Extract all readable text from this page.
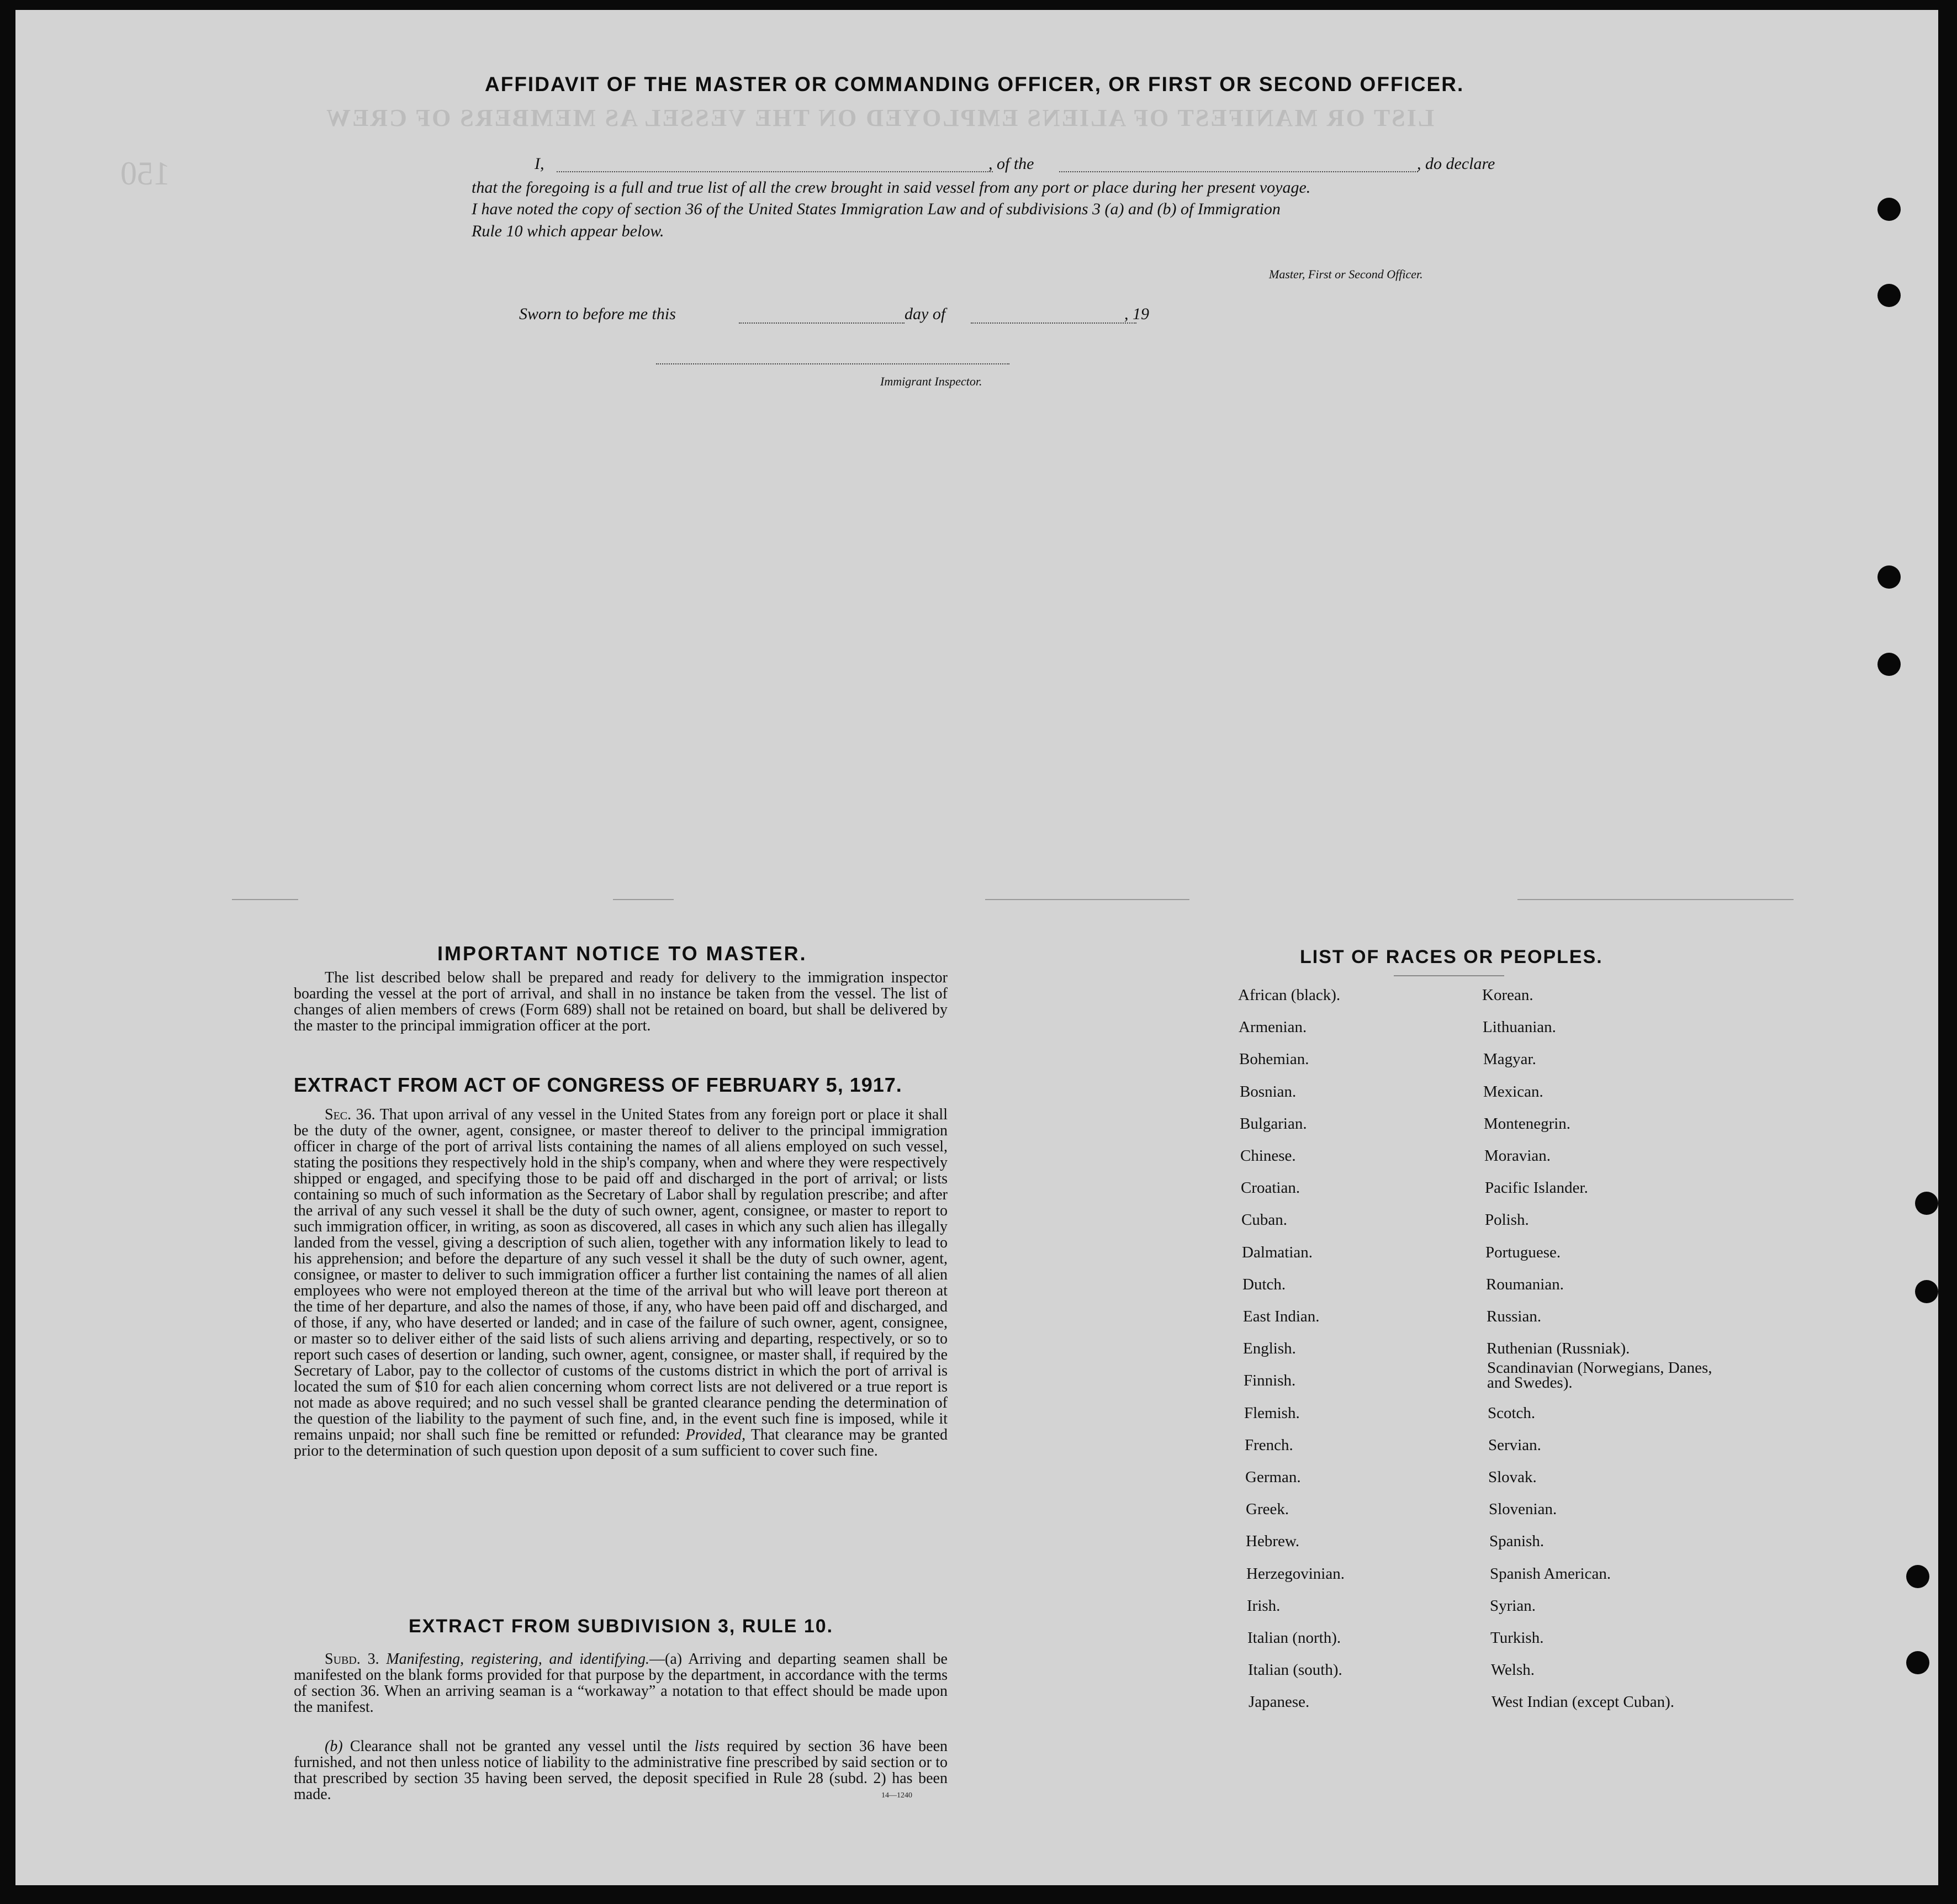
LIST OR MANIFEST OF ALIENS EMPLOYED ON THE VESSEL AS MEMBERS OF CREW
150
AFFIDAVIT OF THE MASTER OR COMMANDING OFFICER, OR FIRST OR SECOND OFFICER.
I,	, of the	, do declare
that the foregoing is a full and true list of all the crew brought in said vessel from any port or place during her present voyage.
I have noted the copy of section 36 of the United States Immigration Law and of subdivisions 3 (a) and (b) of Immigration
Rule 10 which appear below.
Master, First or Second Officer.
Sworn to before me this	day of	, 19
Immigrant Inspector.
IMPORTANT NOTICE TO MASTER.
The list described below shall be prepared and ready for delivery to the immigration inspector boarding the vessel at the port of arrival, and shall in no instance be taken from the vessel. The list of changes of alien members of crews (Form 689) shall not be retained on board, but shall be delivered by the master to the principal immigration officer at the port.
EXTRACT FROM ACT OF CONGRESS OF FEBRUARY 5, 1917.
Sec. 36. That upon arrival of any vessel in the United States from any foreign port or place it shall be the duty of the owner, agent, consignee, or master thereof to deliver to the principal immigration officer in charge of the port of arrival lists containing the names of all aliens employed on such vessel, stating the positions they respectively hold in the ship's company, when and where they were respectively shipped or engaged, and specifying those to be paid off and discharged in the port of arrival; or lists containing so much of such information as the Secretary of Labor shall by regulation prescribe; and after the arrival of any such vessel it shall be the duty of such owner, agent, consignee, or master to report to such immigration officer, in writing, as soon as discovered, all cases in which any such alien has illegally landed from the vessel, giving a description of such alien, together with any information likely to lead to his apprehension; and before the departure of any such vessel it shall be the duty of such owner, agent, consignee, or master to deliver to such immigration officer a further list containing the names of all alien employees who were not employed thereon at the time of the arrival but who will leave port thereon at the time of her departure, and also the names of those, if any, who have been paid off and discharged, and of those, if any, who have deserted or landed; and in case of the failure of such owner, agent, consignee, or master so to deliver either of the said lists of such aliens arriving and departing, respectively, or so to report such cases of desertion or landing, such owner, agent, consignee, or master shall, if required by the Secretary of Labor, pay to the collector of customs of the customs district in which the port of arrival is located the sum of $10 for each alien concerning whom correct lists are not delivered or a true report is not made as above required; and no such vessel shall be granted clearance pending the determination of the question of the liability to the payment of such fine, and, in the event such fine is imposed, while it remains unpaid; nor shall such fine be remitted or refunded: Provided, That clearance may be granted prior to the determination of such question upon deposit of a sum sufficient to cover such fine.
EXTRACT FROM SUBDIVISION 3, RULE 10.
Subd. 3. Manifesting, registering, and identifying.—(a) Arriving and departing seamen shall be manifested on the blank forms provided for that purpose by the department, in accordance with the terms of section 36. When an arriving seaman is a “workaway” a notation to that effect should be made upon the manifest.
(b) Clearance shall not be granted any vessel until the lists required by section 36 have been furnished, and not then unless notice of liability to the administrative fine prescribed by said section or to that prescribed by section 35 having been served, the deposit specified in Rule 28 (subd. 2) has been made.	14—1240
LIST OF RACES OR PEOPLES.
African (black).
Armenian.
Bohemian.
Bosnian.
Bulgarian.
Chinese.
Croatian.
Cuban.
Dalmatian.
Dutch.
East Indian.
English.
Finnish.
Flemish.
French.
German.
Greek.
Hebrew.
Herzegovinian.
Irish.
Italian (north).
Italian (south).
Japanese.
Korean.
Lithuanian.
Magyar.
Mexican.
Montenegrin.
Moravian.
Pacific Islander.
Polish.
Portuguese.
Roumanian.
Russian.
Ruthenian (Russniak).
Scandinavian (Norwegians, Danes, and Swedes).
Scotch.
Servian.
Slovak.
Slovenian.
Spanish.
Spanish American.
Syrian.
Turkish.
Welsh.
West Indian (except Cuban).
